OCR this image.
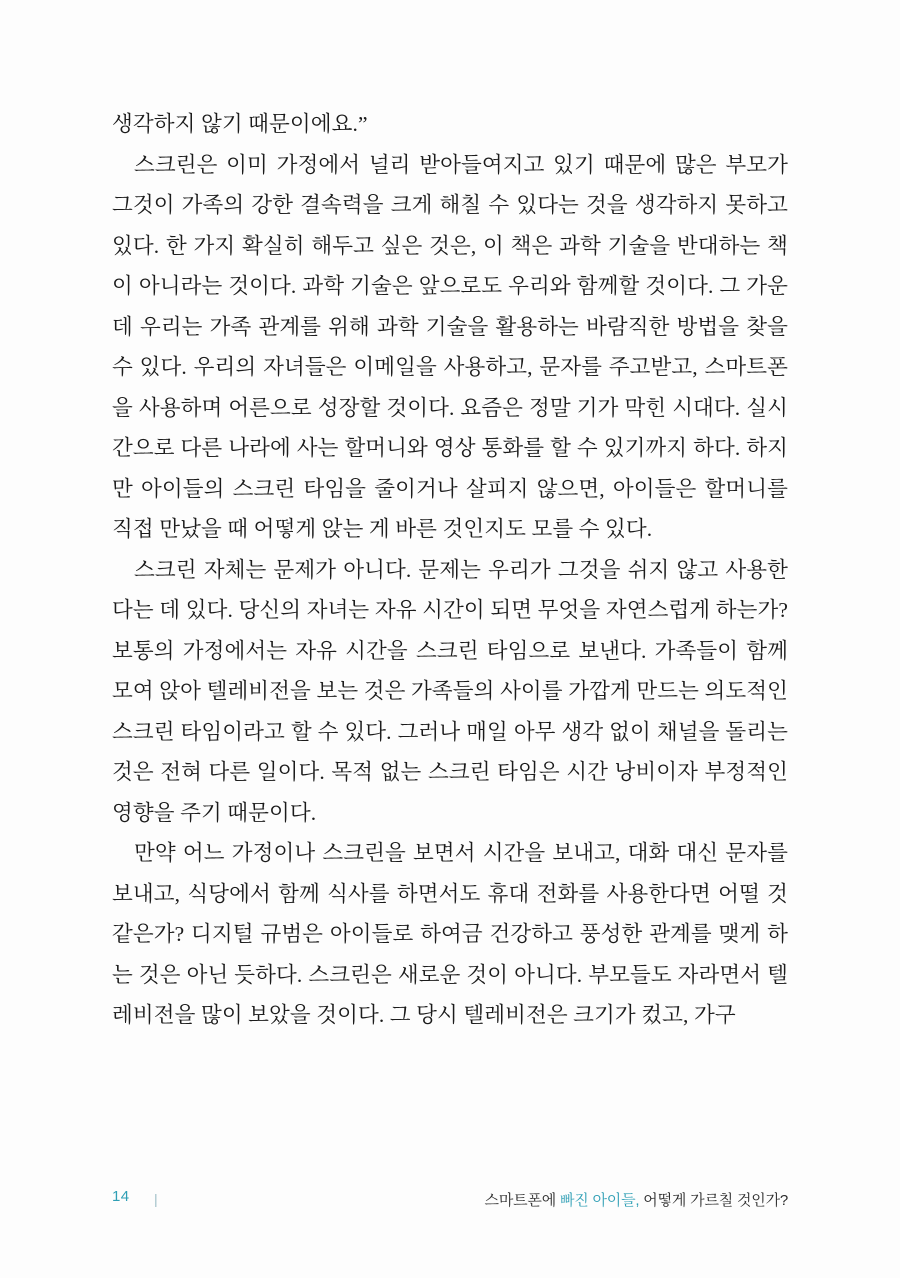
생각하지 않기 때문이에요.”

스크린은 이미 가정에서 널리 받아들여지고 있기 때문에 많은 부모가 그것이 가족의 강한 결속력을 크게 해칠 수 있다는 것을 생각하지 못하고 있다. 한 가지 확실히 해두고 싶은 것은, 이 책은 과학 기술을 반대하는 책이 아니라는 것이다. 과학 기술은 앞으로도 우리와 함께할 것이다. 그 가운데 우리는 가족 관계를 위해 과학 기술을 활용하는 바람직한 방법을 찾을 수 있다. 우리의 자녀들은 이메일을 사용하고, 문자를 주고받고, 스마트폰을 사용하며 어른으로 성장할 것이다. 요즘은 정말 기가 막힌 시대다. 실시간으로 다른 나라에 사는 할머니와 영상 통화를 할 수 있기까지 하다. 하지만 아이들의 스크린 타임을 줄이거나 살피지 않으면, 아이들은 할머니를 직접 만났을 때 어떻게 앉는 게 바른 것인지도 모를 수 있다.

스크린 자체는 문제가 아니다. 문제는 우리가 그것을 쉬지 않고 사용한다는 데 있다. 당신의 자녀는 자유 시간이 되면 무엇을 자연스럽게 하는가? 보통의 가정에서는 자유 시간을 스크린 타임으로 보낸다. 가족들이 함께 모여 앉아 텔레비전을 보는 것은 가족들의 사이를 가깝게 만드는 의도적인 스크린 타임이라고 할 수 있다. 그러나 매일 아무 생각 없이 채널을 돌리는 것은 전혀 다른 일이다. 목적 없는 스크린 타임은 시간 낭비이자 부정적인 영향을 주기 때문이다.

만약 어느 가정이나 스크린을 보면서 시간을 보내고, 대화 대신 문자를 보내고, 식당에서 함께 식사를 하면서도 휴대 전화를 사용한다면 어떨 것 같은가? 디지털 규범은 아이들로 하여금 건강하고 풍성한 관계를 맺게 하는 것은 아닌 듯하다. 스크린은 새로운 것이 아니다. 부모들도 자라면서 텔레비전을 많이 보았을 것이다. 그 당시 텔레비전은 크기가 컸고, 가구

14 |	스마트폰에 빠진 아이들, 어떻게 가르칠 것인가?
